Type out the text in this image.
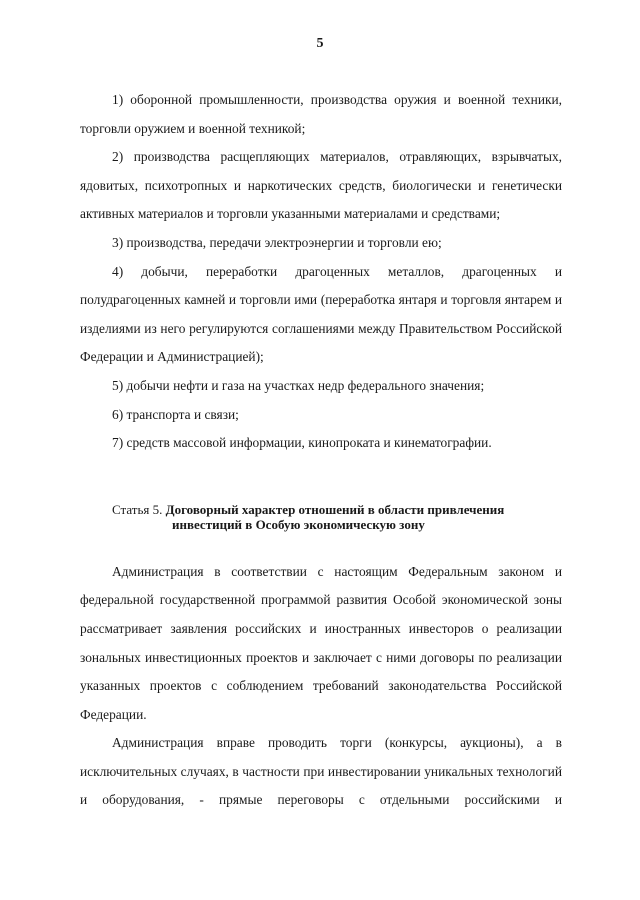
5

1) оборонной промышленности, производства оружия и военной техники, торговли оружием и военной техникой;

2) производства расщепляющих материалов, отравляющих, взрывчатых, ядовитых, психотропных и наркотических средств, биологически и генетически активных материалов и торговли указанными материалами и средствами;

3) производства, передачи электроэнергии и торговли ею;

4) добычи, переработки драгоценных металлов, драгоценных и полудрагоценных камней и торговли ими (переработка янтаря и торговля янтарем и изделиями из него регулируются соглашениями между Правительством Российской Федерации и Администрацией);

5) добычи нефти и газа на участках недр федерального значения;

6) транспорта и связи;

7) средств массовой информации, кинопроката и кинематографии.

Статья 5. Договорный характер отношений в области привлечения
инвестиций в Особую экономическую зону

Администрация в соответствии с настоящим Федеральным законом и федеральной государственной программой развития Особой экономической зоны рассматривает заявления российских и иностранных инвесторов о реализации зональных инвестиционных проектов и заключает с ними договоры по реализации указанных проектов с соблюдением требований законодательства Российской Федерации.

Администрация вправе проводить торги (конкурсы, аукционы), а в исключительных случаях, в частности при инвестировании уникальных технологий и оборудования, - прямые переговоры с отдельными российскими и
